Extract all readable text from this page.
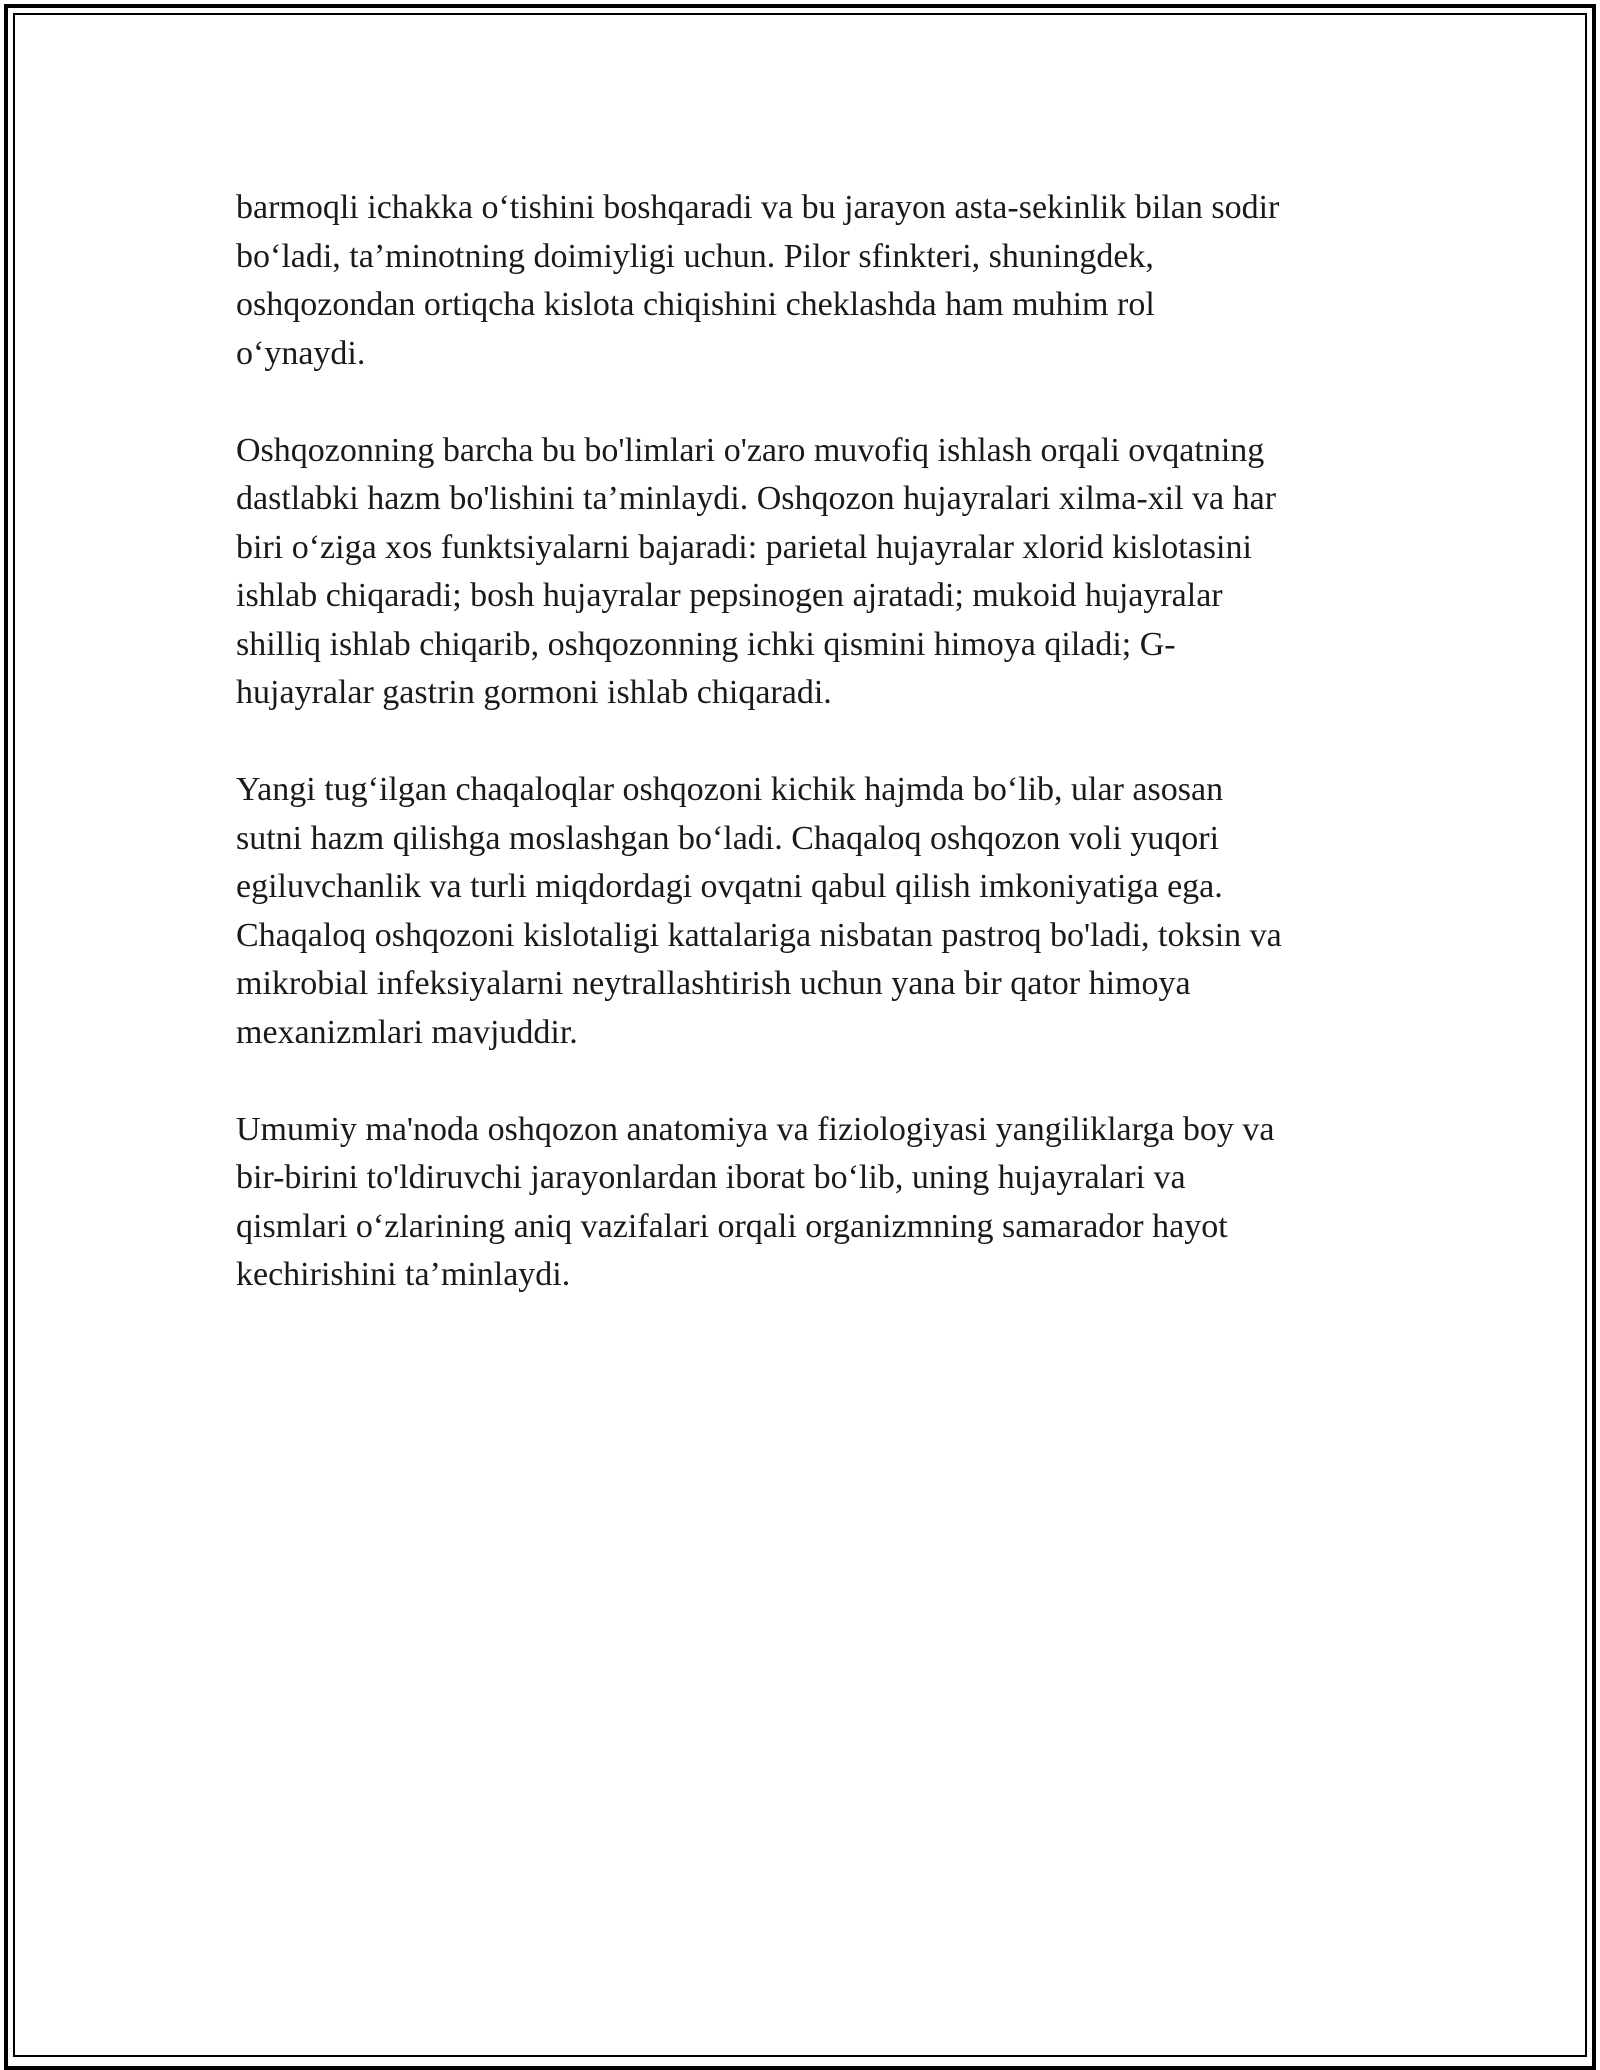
barmoqli ichakka o‘tishini boshqaradi va bu jarayon asta-sekinlik bilan sodir
bo‘ladi, ta’minotning doimiyligi uchun. Pilor sfinkteri, shuningdek,
oshqozondan ortiqcha kislota chiqishini cheklashda ham muhim rol
o‘ynaydi.

Oshqozonning barcha bu bo'limlari o'zaro muvofiq ishlash orqali ovqatning
dastlabki hazm bo'lishini ta’minlaydi. Oshqozon hujayralari xilma-xil va har
biri o‘ziga xos funktsiyalarni bajaradi: parietal hujayralar xlorid kislotasini
ishlab chiqaradi; bosh hujayralar pepsinogen ajratadi; mukoid hujayralar
shilliq ishlab chiqarib, oshqozonning ichki qismini himoya qiladi; G-
hujayralar gastrin gormoni ishlab chiqaradi.

Yangi tug‘ilgan chaqaloqlar oshqozoni kichik hajmda bo‘lib, ular asosan
sutni hazm qilishga moslashgan bo‘ladi. Chaqaloq oshqozon voli yuqori
egiluvchanlik va turli miqdordagi ovqatni qabul qilish imkoniyatiga ega.
Chaqaloq oshqozoni kislotaligi kattalariga nisbatan pastroq bo'ladi, toksin va
mikrobial infeksiyalarni neytrallashtirish uchun yana bir qator himoya
mexanizmlari mavjuddir.

Umumiy ma'noda oshqozon anatomiya va fiziologiyasi yangiliklarga boy va
bir-birini to'ldiruvchi jarayonlardan iborat bo‘lib, uning hujayralari va
qismlari o‘zlarining aniq vazifalari orqali organizmning samarador hayot
kechirishini ta’minlaydi.
